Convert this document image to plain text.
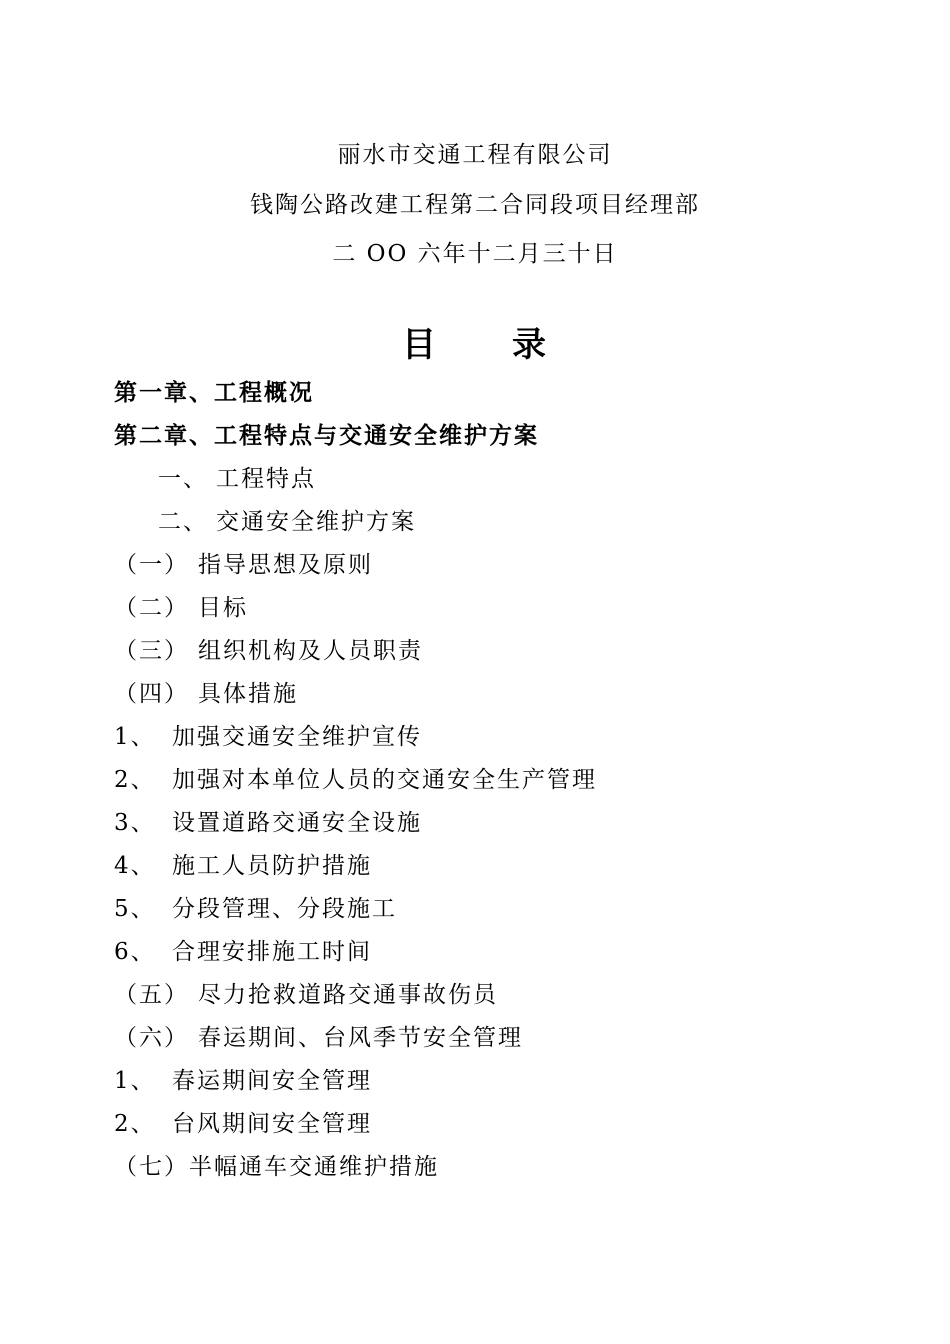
丽水市交通工程有限公司
钱陶公路改建工程第二合同段项目经理部
二 OO 六年十二月三十日
目 录
第一章、工程概况
第二章、工程特点与交通安全维护方案
一、 工程特点
二、 交通安全维护方案
（一） 指导思想及原则
（二） 目标
（三） 组织机构及人员职责
（四） 具体措施
1、 加强交通安全维护宣传
2、 加强对本单位人员的交通安全生产管理
3、 设置道路交通安全设施
4、 施工人员防护措施
5、 分段管理、分段施工
6、 合理安排施工时间
（五） 尽力抢救道路交通事故伤员
（六） 春运期间、台风季节安全管理
1、 春运期间安全管理
2、 台风期间安全管理
（七）半幅通车交通维护措施
